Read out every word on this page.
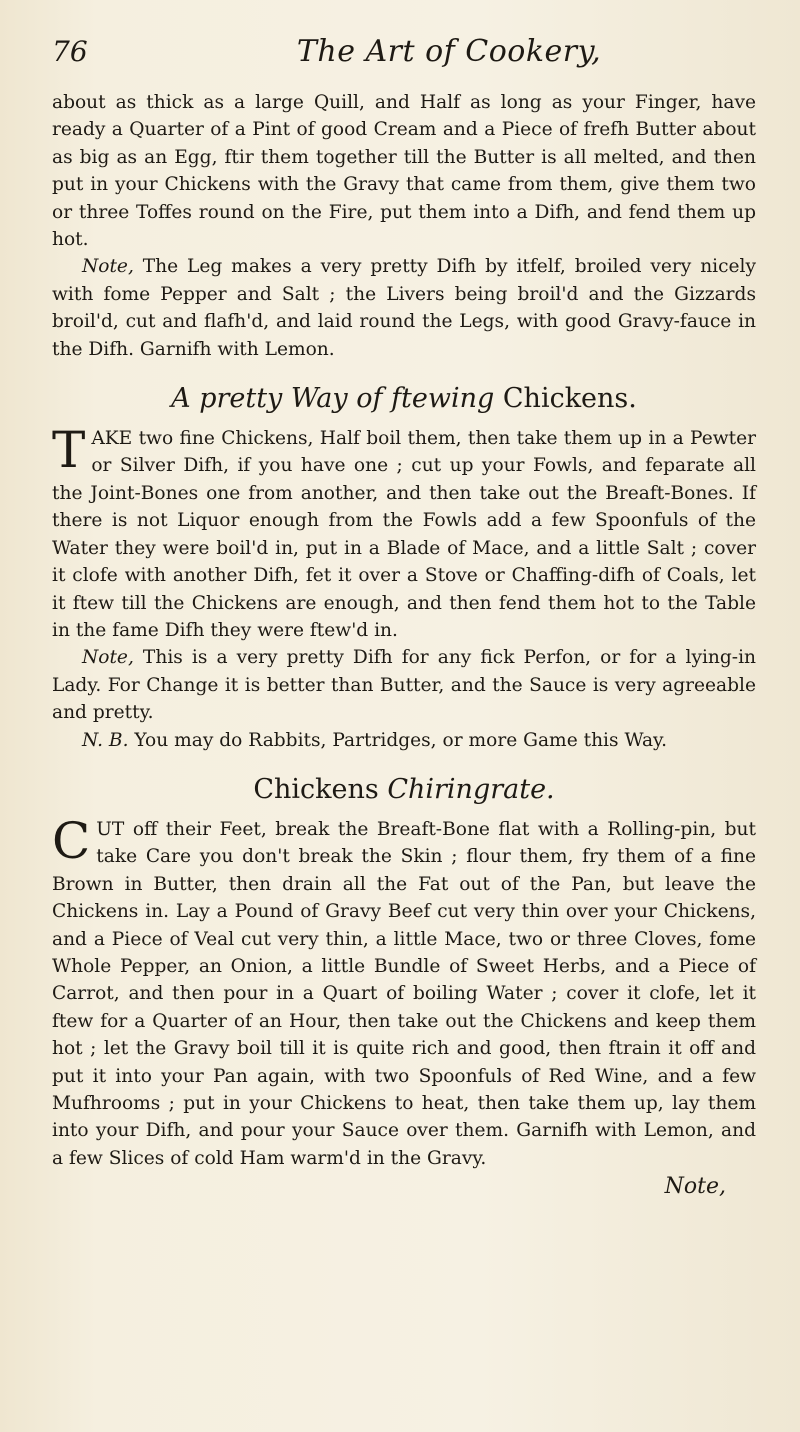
76	The Art of Cookery,

about as thick as a large Quill, and Half as long as your Finger, have ready a Quarter of a Pint of good Cream and a Piece of frefh Butter about as big as an Egg, ftir them together till the Butter is all melted, and then put in your Chickens with the Gravy that came from them, give them two or three Toffes round on the Fire, put them into a Difh, and fend them up hot.

Note, The Leg makes a very pretty Difh by itfelf, broiled very nicely with fome Pepper and Salt ; the Livers being broil'd and the Gizzards broil'd, cut and flafh'd, and laid round the Legs, with good Gravy-fauce in the Difh. Garnifh with Lemon.

A pretty Way of ftewing Chickens.

TAKE two fine Chickens, Half boil them, then take them up in a Pewter or Silver Difh, if you have one ; cut up your Fowls, and feparate all the Joint-Bones one from another, and then take out the Breaft-Bones. If there is not Liquor enough from the Fowls add a few Spoonfuls of the Water they were boil'd in, put in a Blade of Mace, and a little Salt ; cover it clofe with another Difh, fet it over a Stove or Chaffing-difh of Coals, let it ftew till the Chickens are enough, and then fend them hot to the Table in the fame Difh they were ftew'd in.

Note, This is a very pretty Difh for any fick Perfon, or for a lying-in Lady. For Change it is better than Butter, and the Sauce is very agreeable and pretty.

N. B. You may do Rabbits, Partridges, or more Game this Way.

Chickens Chiringrate.

CUT off their Feet, break the Breaft-Bone flat with a Rolling-pin, but take Care you don't break the Skin ; flour them, fry them of a fine Brown in Butter, then drain all the Fat out of the Pan, but leave the Chickens in. Lay a Pound of Gravy Beef cut very thin over your Chickens, and a Piece of Veal cut very thin, a little Mace, two or three Cloves, fome Whole Pepper, an Onion, a little Bundle of Sweet Herbs, and a Piece of Carrot, and then pour in a Quart of boiling Water ; cover it clofe, let it ftew for a Quarter of an Hour, then take out the Chickens and keep them hot ; let the Gravy boil till it is quite rich and good, then ftrain it off and put it into your Pan again, with two Spoonfuls of Red Wine, and a few Mufhrooms ; put in your Chickens to heat, then take them up, lay them into your Difh, and pour your Sauce over them. Garnifh with Lemon, and a few Slices of cold Ham warm'd in the Gravy.

Note,
